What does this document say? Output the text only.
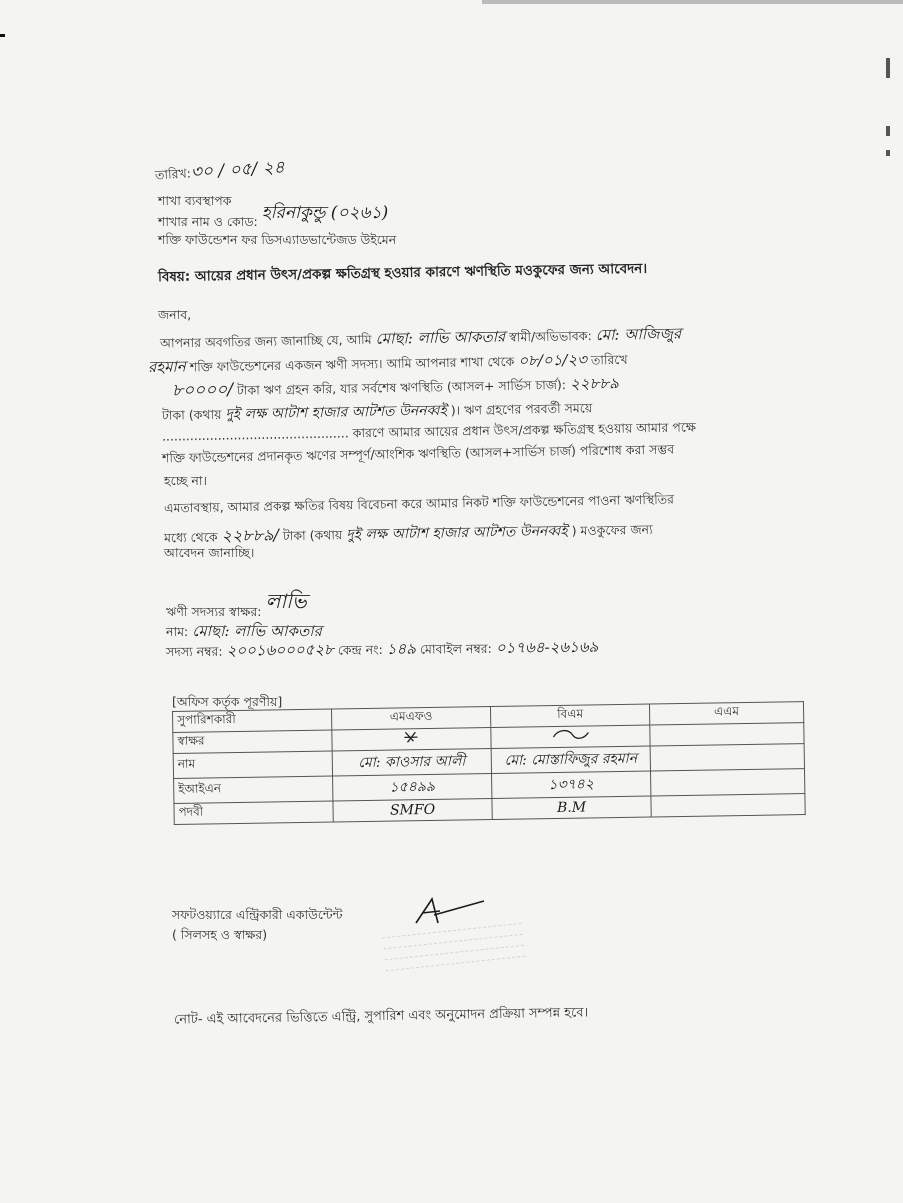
তারিখ:৩০ / ০৫/ ২৪
শাখা ব্যবস্থাপক
শাখার নাম ও কোড: হরিনাকুন্ডু (০২৬১)
শক্তি ফাউন্ডেশন ফর ডিসএ্যাডভান্টেজড উইমেন
বিষয়: আয়ের প্রধান উৎস/প্রকল্প ক্ষতিগ্রস্থ হওয়ার কারণে ঋণস্থিতি মওকুফের জন্য আবেদন।
জনাব,
আপনার অবগতির জন্য জানাচ্ছি যে, আমি মোছা: লাভি আকতার স্বামী/অভিভাবক: মো: আজিজুর
রহমান শক্তি ফাউন্ডেশনের একজন ঋণী সদস্য। আমি আপনার শাখা থেকে ০৮/০১/২৩ তারিখে
৮০০০০/ টাকা ঋণ গ্রহন করি, যার সর্বশেষ ঋণস্থিতি (আসল+ সার্ভিস চার্জ): ২২৮৮৯
টাকা (কথায় দুই লক্ষ আটাশ হাজার আটশত উননব্বই )। ঋণ গ্রহণের পরবর্তী সময়ে
............................................... কারণে আমার আয়ের প্রধান উৎস/প্রকল্প ক্ষতিগ্রস্থ হওয়ায় আমার পক্ষে
শক্তি ফাউন্ডেশনের প্রদানকৃত ঋণের সম্পূর্ণ/আংশিক ঋণস্থিতি (আসল+সার্ভিস চার্জ) পরিশোধ করা সম্ভব
হচ্ছে না।
এমতাবস্থায়, আমার প্রকল্প ক্ষতির বিষয় বিবেচনা করে আমার নিকট শক্তি ফাউন্ডেশনের পাওনা ঋণস্থিতির
মধ্যে থেকে ২২৮৮৯/ টাকা (কথায় দুই লক্ষ আটাশ হাজার আটশত উননব্বই ) মওকুফের জন্য
আবেদন জানাচ্ছি।
ঋণী সদস্যর স্বাক্ষর: লাভি
নাম: মোছা: লাভি আকতার
সদস্য নম্বর: ২০০১৬০০০৫২৮ কেন্দ্র নং: ১৪৯ মোবাইল নম্বর: ০১৭৬৪-২৬১৬৯
[অফিস কর্তৃক পূরণীয়]
সুপারিশকারী	এমএফও	বিএম	এএম
স্বাক্ষর			
নাম	মো: কাওসার আলী	মো: মোস্তাফিজুর রহমান	
ইআইএন	১৫৪৯৯	১৩৭৪২	
পদবী	SMFO	B.M	
সফটওয়্যারে এন্ট্রিকারী একাউন্টেন্ট
( সিলসহ ও স্বাক্ষর)
নোট- এই আবেদনের ভিত্তিতে এন্ট্রি, সুপারিশ এবং অনুমোদন প্রক্রিয়া সম্পন্ন হবে।
